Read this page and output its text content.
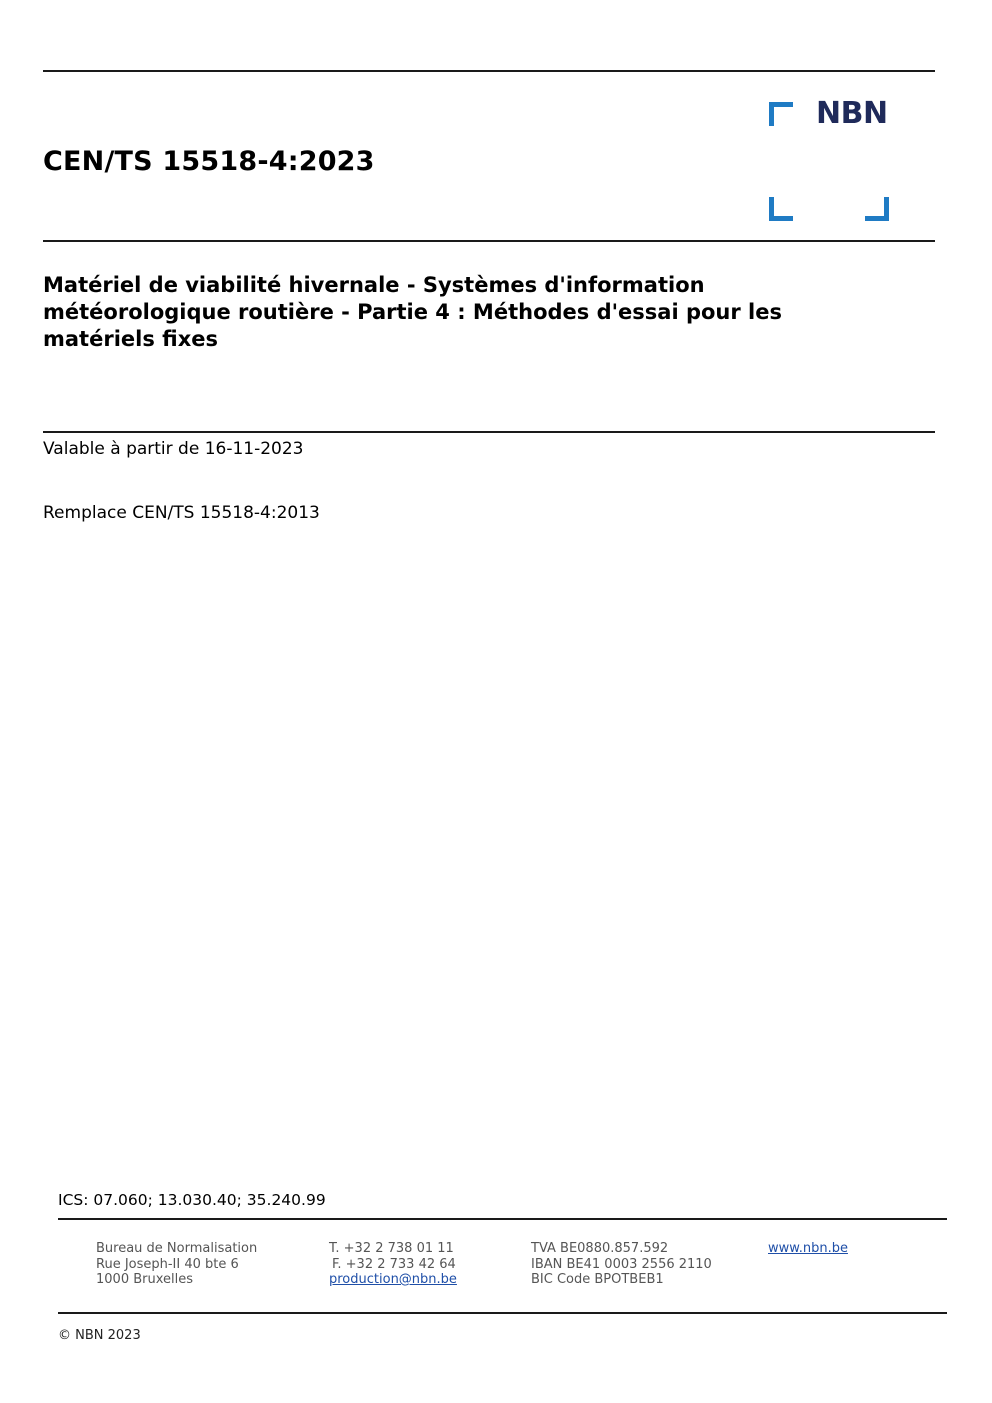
CEN/TS 15518-4:2023
NBN
Matériel de viabilité hivernale - Systèmes d'information
météorologique routière - Partie 4 : Méthodes d'essai pour les
matériels fixes
Valable à partir de 16-11-2023
Remplace CEN/TS 15518-4:2013
ICS: 07.060; 13.030.40; 35.240.99
Bureau de Normalisation
Rue Joseph-II 40 bte 6
1000 Bruxelles
T. +32 2 738 01 11
F. +32 2 733 42 64
production@nbn.be
TVA BE0880.857.592
IBAN BE41 0003 2556 2110
BIC Code BPOTBEB1
www.nbn.be
© NBN 2023
